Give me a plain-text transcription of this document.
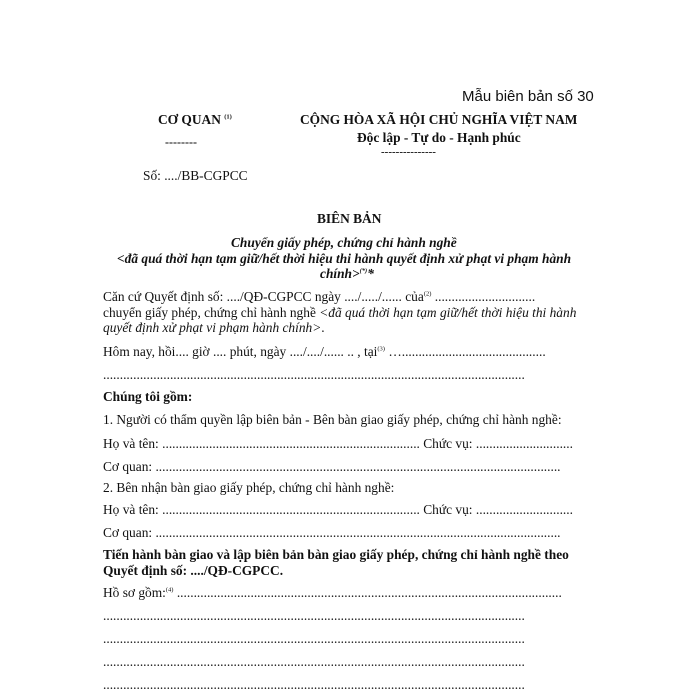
Mẫu biên bản số 30
CƠ QUAN $^{(1)}$
--------
CỘNG HÒA XÃ HỘI CHỦ NGHĨA VIỆT NAM
Độc lập - Tự do - Hạnh phúc
---------------
Số: ..../BB-CGPCC
BIÊN BẢN
Chuyển giấy phép, chứng chỉ hành nghề
<đã quá thời hạn tạm giữ/hết thời hiệu thi hành quyết định xử phạt vi phạm hành
chính>(*)*
Căn cứ Quyết định số: ..../QĐ-CGPCC ngày ..../...../...... của$^{(2)}$ ..............................
chuyển giấy phép, chứng chỉ hành nghề <đã quá thời hạn tạm giữ/hết thời hiệu thi hành
quyết định xử phạt vi phạm hành chính>.
Hôm nay, hồi.... giờ .... phút, ngày ..../..../...... .. , tại$^{(3)}$ …...........................................
..............................................................................................................................
Chúng tôi gồm:
1. Người có thẩm quyền lập biên bản - Bên bàn giao giấy phép, chứng chỉ hành nghề:
Họ và tên: ............................................................................. Chức vụ: .............................
Cơ quan: .........................................................................................................................
2. Bên nhận bàn giao giấy phép, chứng chỉ hành nghề:
Họ và tên: ............................................................................. Chức vụ: .............................
Cơ quan: .........................................................................................................................
Tiến hành bàn giao và lập biên bản bàn giao giấy phép, chứng chỉ hành nghề theo
Quyết định số: ..../QĐ-CGPCC.
Hồ sơ gồm:$^{(4)}$ ...................................................................................................................
..............................................................................................................................
..............................................................................................................................
..............................................................................................................................
..............................................................................................................................
